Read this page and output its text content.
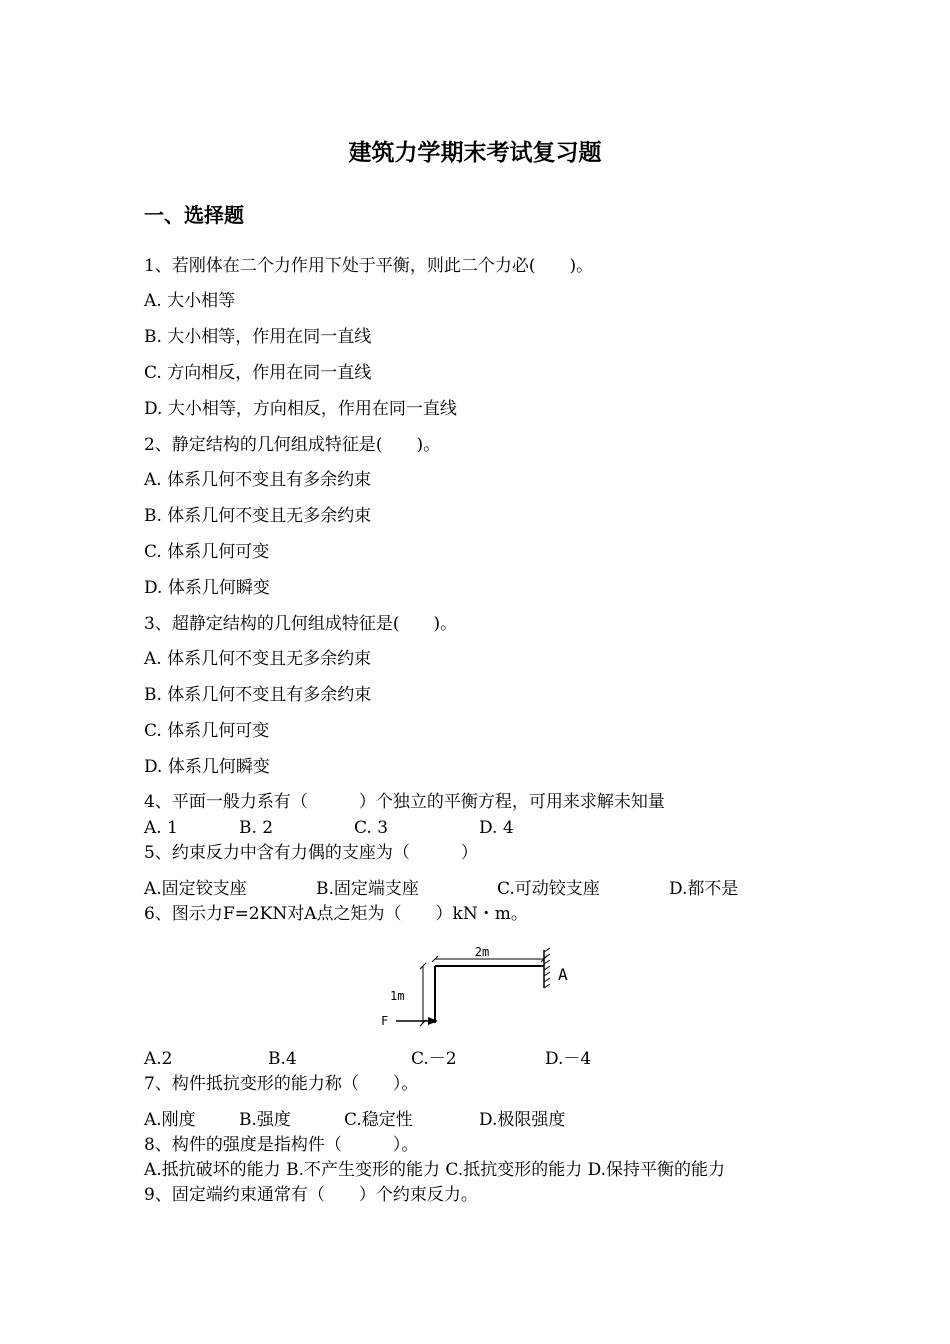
建筑力学期末考试复习题
一、选择题
1、若刚体在二个力作用下处于平衡，则此二个力必(　　)。
A. 大小相等
B. 大小相等，作用在同一直线
C. 方向相反，作用在同一直线
D. 大小相等，方向相反，作用在同一直线
2、静定结构的几何组成特征是(　　)。
A. 体系几何不变且有多余约束
B. 体系几何不变且无多余约束
C. 体系几何可变
D. 体系几何瞬变
3、超静定结构的几何组成特征是(　　)。
A. 体系几何不变且无多余约束
B. 体系几何不变且有多余约束
C. 体系几何可变
D. 体系几何瞬变
4、平面一般力系有（　　　）个独立的平衡方程，可用来求解未知量
A. 1	B. 2	C. 3	D. 4
5、约束反力中含有力偶的支座为（　　　）
A.固定铰支座	B.固定端支座	C.可动铰支座	D.都不是
6、图示力F=2KN对A点之矩为（　　）kN・m。
2m
1m
F
A
A.2	B.4	C.－2	D.－4
7、构件抵抗变形的能力称（　　）。
A.刚度	B.强度	C.稳定性	D.极限强度
8、构件的强度是指构件（　　　）。
A.抵抗破坏的能力 B.不产生变形的能力 C.抵抗变形的能力 D.保持平衡的能力
9、固定端约束通常有（　　）个约束反力。
